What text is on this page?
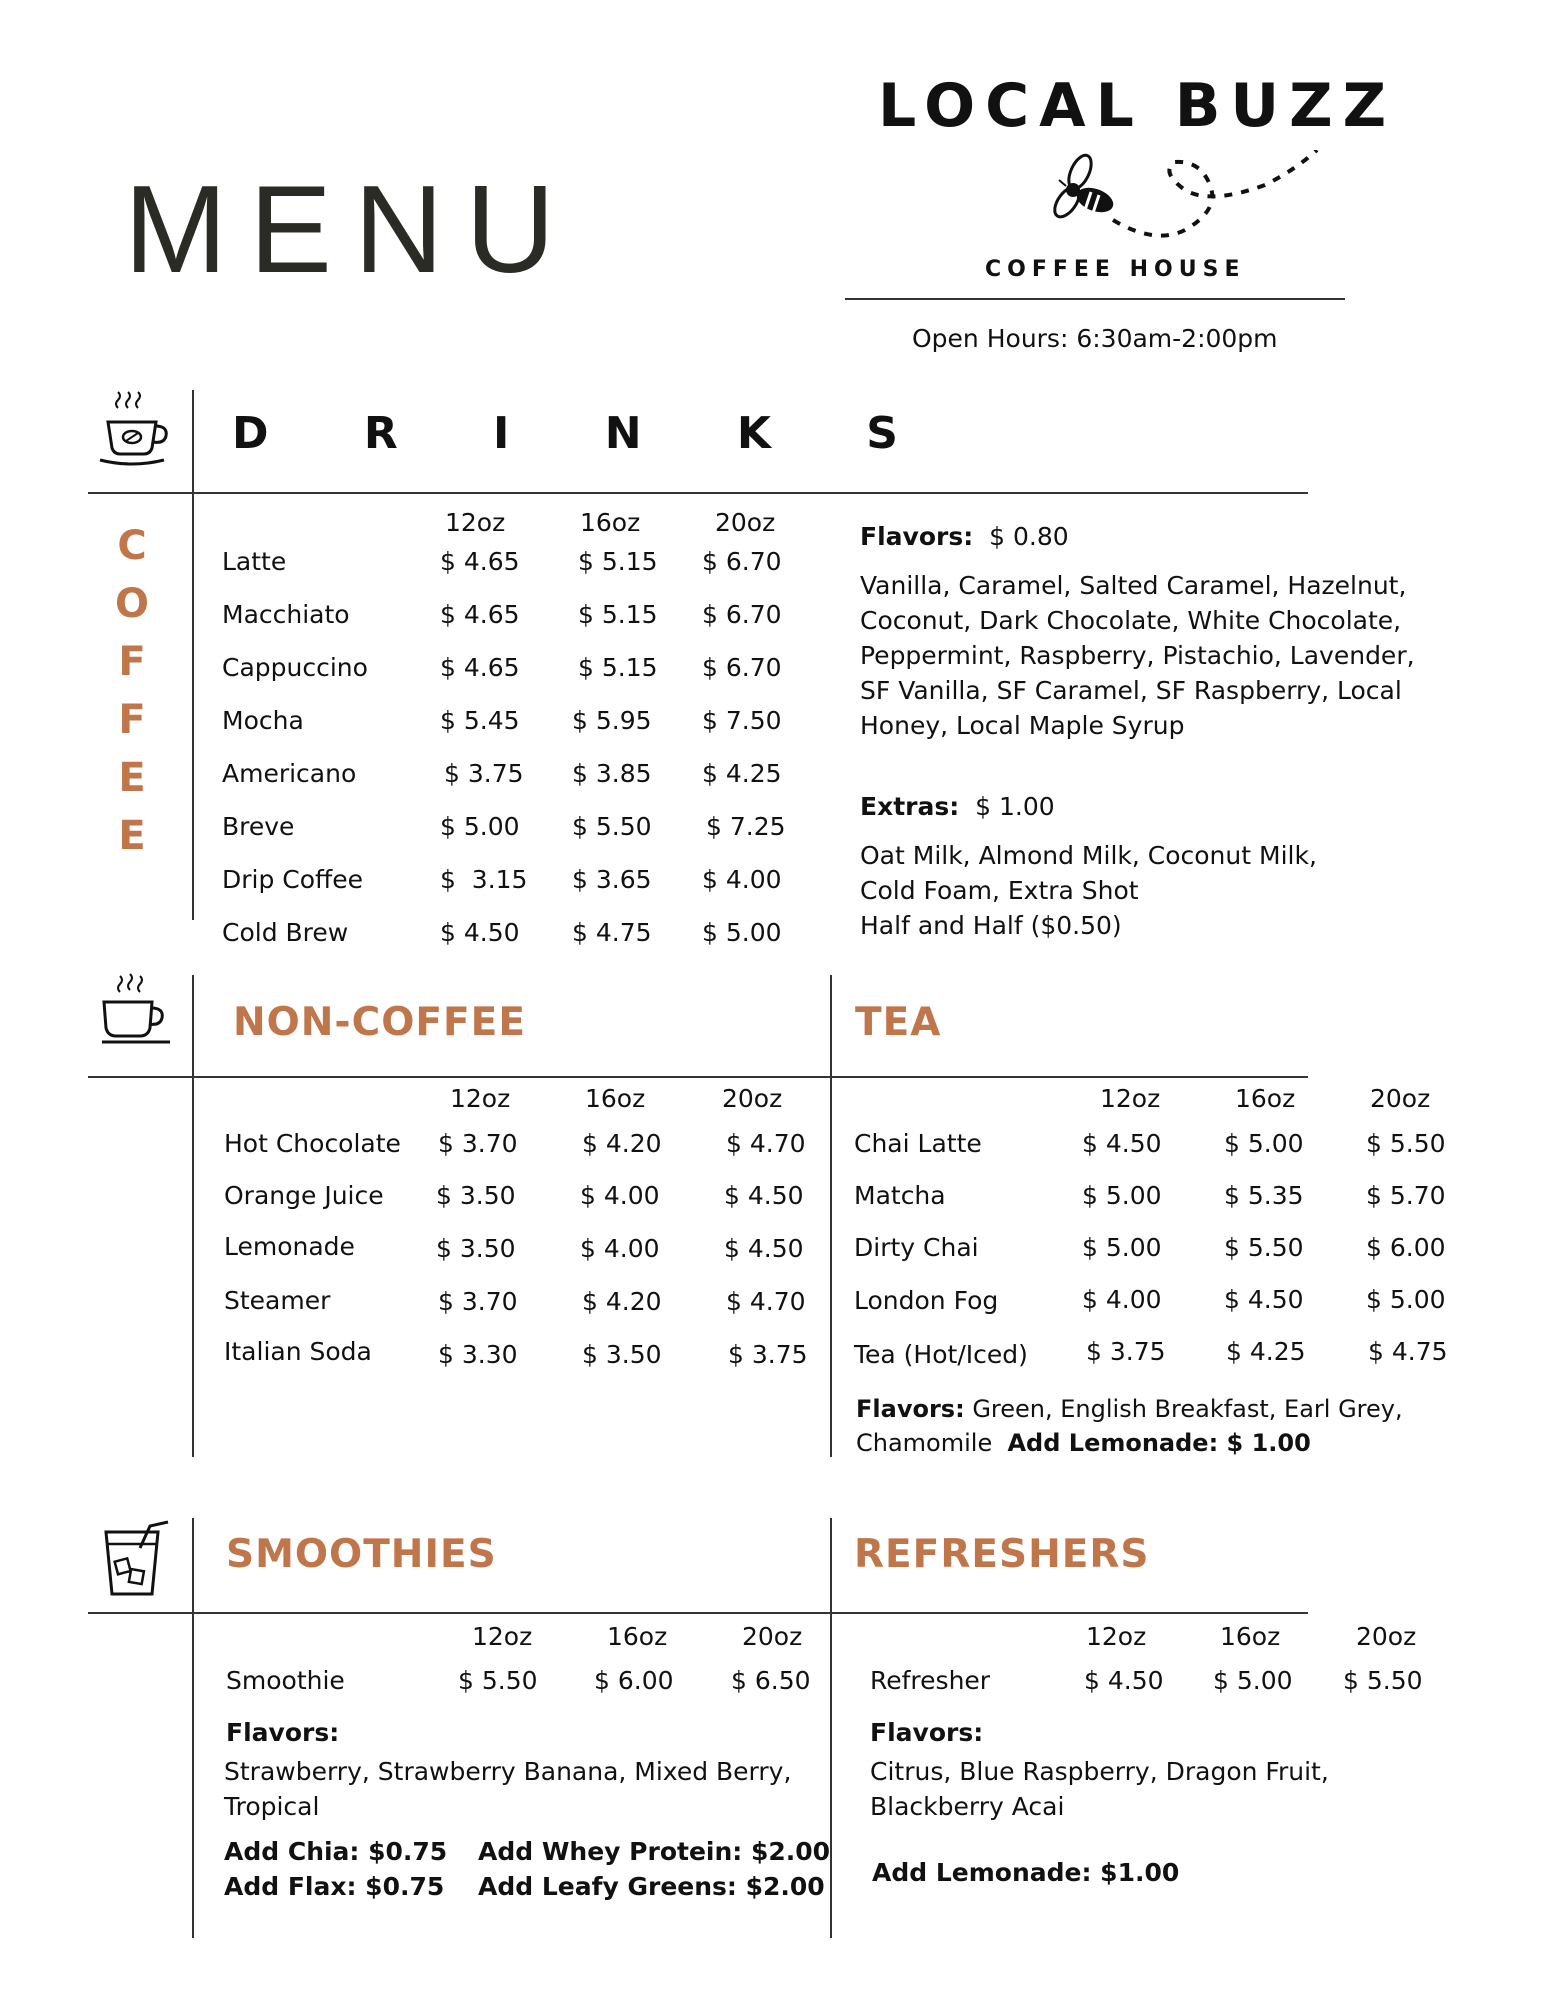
MENU
LOCAL BUZZ
COFFEE HOUSE
Open Hours: 6:30am-2:00pm
D R I N K S
C
O
F
F
E
E
12oz	16oz	20oz
Latte	$ 4.65 $ 5.15 $ 6.70
Macchiato	$ 4.65 $ 5.15 $ 6.70
Cappuccino	$ 4.65 $ 5.15 $ 6.70
Mocha	$ 5.45 $ 5.95 $ 7.50
Americano	$ 3.75 $ 3.85 $ 4.25
Breve	$ 5.00 $ 5.50 $ 7.25
Drip Coffee	$  3.15 $ 3.65 $ 4.00
Cold Brew	$ 4.50 $ 4.75 $ 5.00
Flavors: $ 0.80
Vanilla, Caramel, Salted Caramel, Hazelnut,
Coconut, Dark Chocolate, White Chocolate,
Peppermint, Raspberry, Pistachio, Lavender,
SF Vanilla, SF Caramel, SF Raspberry, Local
Honey, Local Maple Syrup
Extras: $ 1.00
Oat Milk, Almond Milk, Coconut Milk,
Cold Foam, Extra Shot
Half and Half ($0.50)
NON-COFFEE	TEA
12oz	16oz	20oz
Hot Chocolate $ 3.70	$ 4.20	$ 4.70
Orange Juice $ 3.50	$ 4.00	$ 4.50
Lemonade	$ 3.50	$ 4.00	$ 4.50
Steamer	$ 3.70	$ 4.20	$ 4.70
Italian Soda	$ 3.30	$ 3.50	$ 3.75
12oz	16oz	20oz
Chai Latte	$ 4.50 $ 5.00 $ 5.50
Matcha	$ 5.00 $ 5.35 $ 5.70
Dirty Chai	$ 5.00 $ 5.50 $ 6.00
London Fog	$ 4.00 $ 4.50 $ 5.00
Tea (Hot/Iced) $ 3.75 $ 4.25 $ 4.75
Flavors: Green, English Breakfast, Earl Grey,
Chamomile Add Lemonade: $ 1.00
SMOOTHIES	REFRESHERS
12oz	16oz	20oz
Smoothie	$ 5.50 $ 6.00 $ 6.50
Flavors:
Strawberry, Strawberry Banana, Mixed Berry,
Tropical
Add Chia: $0.75
Add Flax: $0.75
Add Whey Protein: $2.00
Add Leafy Greens: $2.00
12oz	16oz	20oz
Refresher	$ 4.50 $ 5.00 $ 5.50
Flavors:
Citrus, Blue Raspberry, Dragon Fruit,
Blackberry Acai
Add Lemonade: $1.00
